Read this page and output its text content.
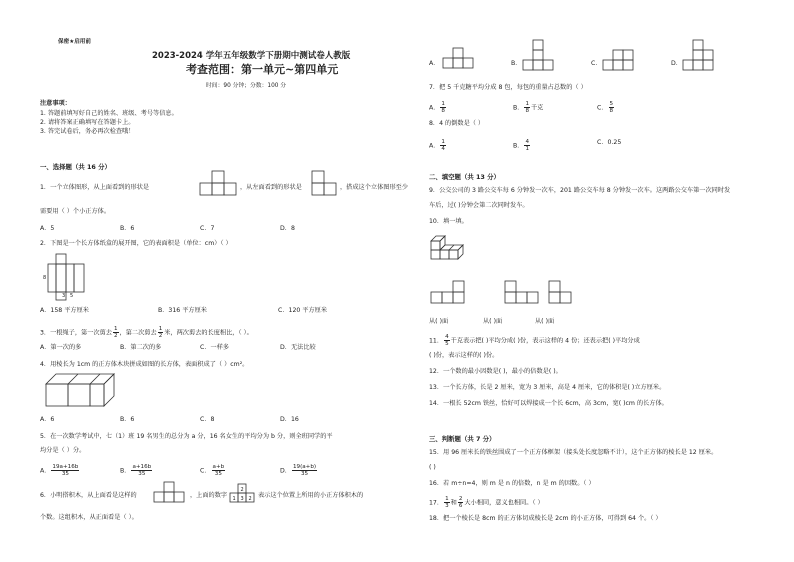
保密★启用前
2023-2024 学年五年级数学下册期中测试卷人教版
考查范围：第一单元~第四单元
时间：90 分钟；分数：100 分
注意事项：
1. 答题前填写好自己的姓名、班级、考号等信息。
2. 请将答案正确填写在答题卡上。
3. 答完试卷后，务必再次检查哦！
一、选择题（共 16 分）
1．一个立体图形，从上面看到的形状是	，从左面看到的形状是	，搭成这个立体图形至少
需要用（ ）个小正方体。
A．5	B．6	C．7	D．8
2．下图是一个长方体纸盒的展开图，它的表面积是（单位：cm）（ ）
8
3 5
A．158 平方厘米	B．316 平方厘米	C．120 平方厘米
3．一根绳子，第一次剪去 $\frac{1}{2}$ ，第二次剪去 $\frac{1}{2}$ 米，两次剪去的长度相比，（ ）。
A．第一次的多	B．第二次的多	C．一样多	D．无法比较
4．用棱长为 1cm 的正方体木块拼成如图的长方体，表面积成了（ ）cm²。
A．6	B．6	C．8	D．16
5．在一次数学考试中，七（1）班 19 名男生的总分为 a 分，16 名女生的平均分为 b 分，则全班同学的平
均分是（ ）分。
A． $\frac{19a+16b}{35}$	B． $\frac{a+16b}{35}$	C． $\frac{a+b}{35}$	D． $\frac{19(a+b)}{35}$
6．小明搭积木，从上面看是这样的	，上面的数字 1 3 2
2
表示这个位置上所用的小正方体积木的
个数。这组积木，从正面看是（ ）。
A．	B．	C．	D．
7．把 5 千克糖平均分成 8 包，每包的重量占总数的（ ）
A． $\frac{1}{8}$	B． $\frac{1}{8}$ 千克	C． $\frac{5}{8}$
8．4 的倒数是（ ）
A． $\frac{1}{4}$	B． $\frac{4}{1}$	C．0.25
二、填空题（共 13 分）
9．公交公司的 3 路公交车每 6 分钟发一次车，201 路公交车每 8 分钟发一次车。这两路公交车第一次同时发
车后，过( )分钟会第二次同时发车。
10．填一填。
从( )面	从( )面	从( )面
11． $\frac{4}{5}$ 千克表示把( )平均分成( )份，表示这样的 4 份；还表示把( )平均分成
( )份，表示这样的( )份。
12．一个数的最小因数是( )，最小的倍数是( )。
13．一个长方体，长是 2 厘米，宽为 3 厘米，高是 4 厘米，它的体积是( )立方厘米。
14．一根长 52cm 铁丝，恰好可以焊接成一个长 6cm，高 3cm，宽( )cm 的长方体。
三、判断题（共 7 分）
15．用 96 厘米长的铁丝围成了一个正方体框架（接头处长度忽略不计），这个正方体的棱长是 12 厘米。
( )
16．若 m÷n=4，则 m 是 n 的倍数，n 是 m 的因数。（ ）
17． $\frac{1}{3}$ 和 $\frac{2}{6}$ 大小相同，意义也相同。（ ）
18．把一个棱长是 8cm 的正方体切成棱长是 2cm 的小正方体，可得到 64 个。（ ）
